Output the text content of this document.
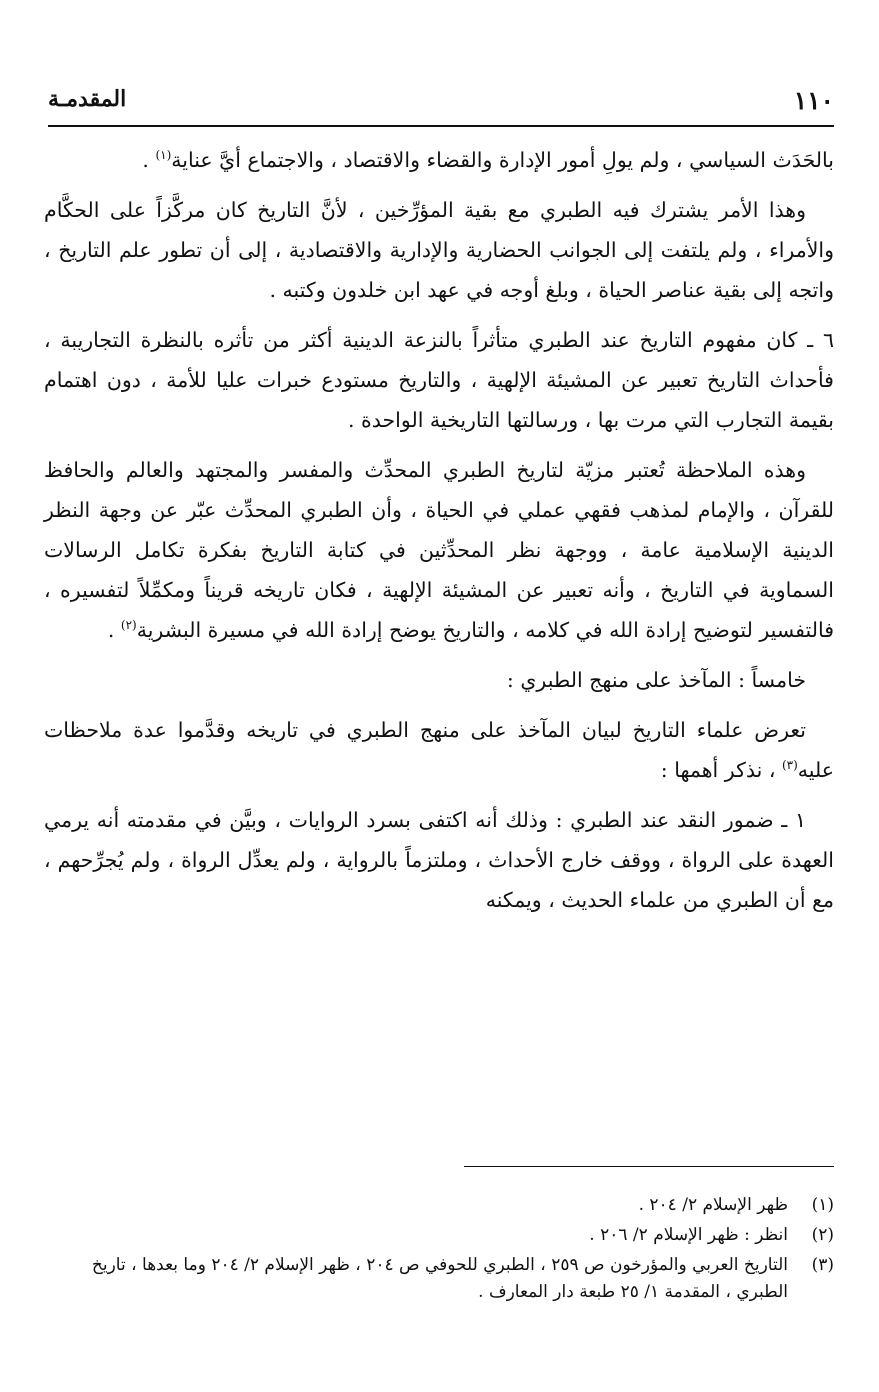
١١٠
المقدمـة

بالحَدَث السياسي ، ولم يولِ أمور الإدارة والقضاء والاقتصاد ، والاجتماع أيَّ عناية$^{(١)}$ .

وهذا الأمر يشترك فيه الطبري مع بقية المؤرِّخين ، لأنَّ التاريخ كان مركَّزاً على الحكَّام والأمراء ، ولم يلتفت إلى الجوانب الحضارية والإدارية والاقتصادية ، إلى أن تطور علم التاريخ ، واتجه إلى بقية عناصر الحياة ، وبلغ أوجه في عهد ابن خلدون وكتبه .

٦ ـ كان مفهوم التاريخ عند الطبري متأثراً بالنزعة الدينية أكثر من تأثره بالنظرة التجاريبة ، فأحداث التاريخ تعبير عن المشيئة الإلهية ، والتاريخ مستودع خبرات عليا للأمة ، دون اهتمام بقيمة التجارب التي مرت بها ، ورسالتها التاريخية الواحدة .

وهذه الملاحظة تُعتبر مزيّة لتاريخ الطبري المحدِّث والمفسر والمجتهد والعالم والحافظ للقرآن ، والإمام لمذهب فقهي عملي في الحياة ، وأن الطبري المحدِّث عبّر عن وجهة النظر الدينية الإسلامية عامة ، ووجهة نظر المحدِّثين في كتابة التاريخ بفكرة تكامل الرسالات السماوية في التاريخ ، وأنه تعبير عن المشيئة الإلهية ، فكان تاريخه قريناً ومكمِّلاً لتفسيره ، فالتفسير لتوضيح إرادة الله في كلامه ، والتاريخ يوضح إرادة الله في مسيرة البشرية$^{(٢)}$ .

خامساً : المآخذ على منهج الطبري :

تعرض علماء التاريخ لبيان المآخذ على منهج الطبري في تاريخه وقدَّموا عدة ملاحظات عليه$^{(٣)}$ ، نذكر أهمها :

١ ـ ضمور النقد عند الطبري : وذلك أنه اكتفى بسرد الروايات ، وبيَّن في مقدمته أنه يرمي العهدة على الرواة ، ووقف خارج الأحداث ، وملتزماً بالرواية ، ولم يعدِّل الرواة ، ولم يُجرِّحهم ، مع أن الطبري من علماء الحديث ، ويمكنه

(١)
ظهر الإسلام ٢/ ٢٠٤ .
(٢)
انظر : ظهر الإسلام ٢/ ٢٠٦ .
(٣)
التاريخ العربي والمؤرخون ص ٢٥٩ ، الطبري للحوفي ص ٢٠٤ ، ظهر الإسلام ٢/ ٢٠٤ وما بعدها ، تاريخ الطبري ، المقدمة ١/ ٢٥ طبعة دار المعارف .
